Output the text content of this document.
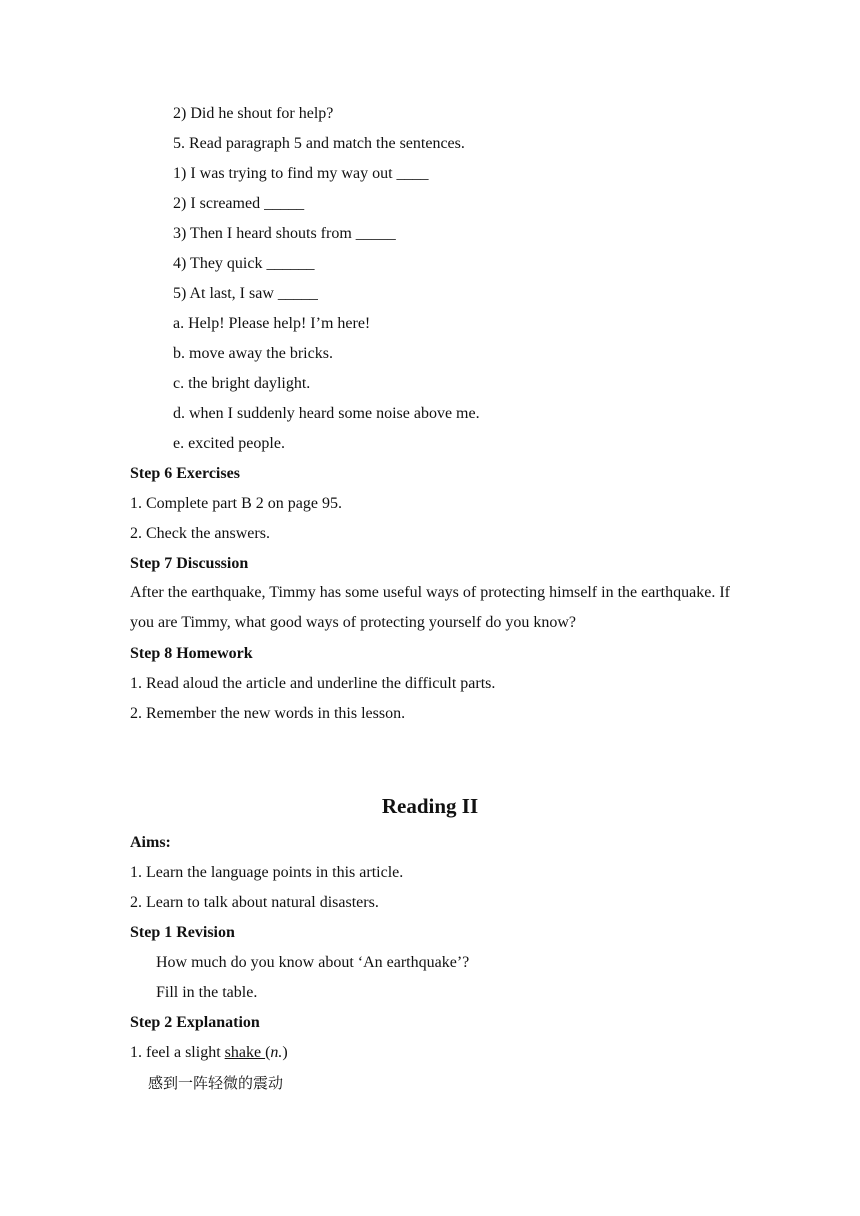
2) Did he shout for help?
5. Read paragraph 5 and match the sentences.
1) I was trying to find my way out ____
2) I screamed _____
3) Then I heard shouts from _____
4) They quick ______
5) At last, I saw _____
a. Help! Please help! I’m here!
b. move away the bricks.
c. the bright daylight.
d. when I suddenly heard some noise above me.
e. excited people.
Step 6 Exercises
1. Complete part B 2 on page 95.
2. Check the answers.
Step 7 Discussion
After the earthquake, Timmy has some useful ways of protecting himself in the earthquake. If you are Timmy, what good ways of protecting yourself do you know?
Step 8 Homework
1. Read aloud the article and underline the difficult parts.
2. Remember the new words in this lesson.
Reading II
Aims:
1. Learn the language points in this article.
2. Learn to talk about natural disasters.
Step 1 Revision
How much do you know about ‘An earthquake’?
Fill in the table.
Step 2 Explanation
1. feel a slight shake (n.)
感到一阵轻微的震动
